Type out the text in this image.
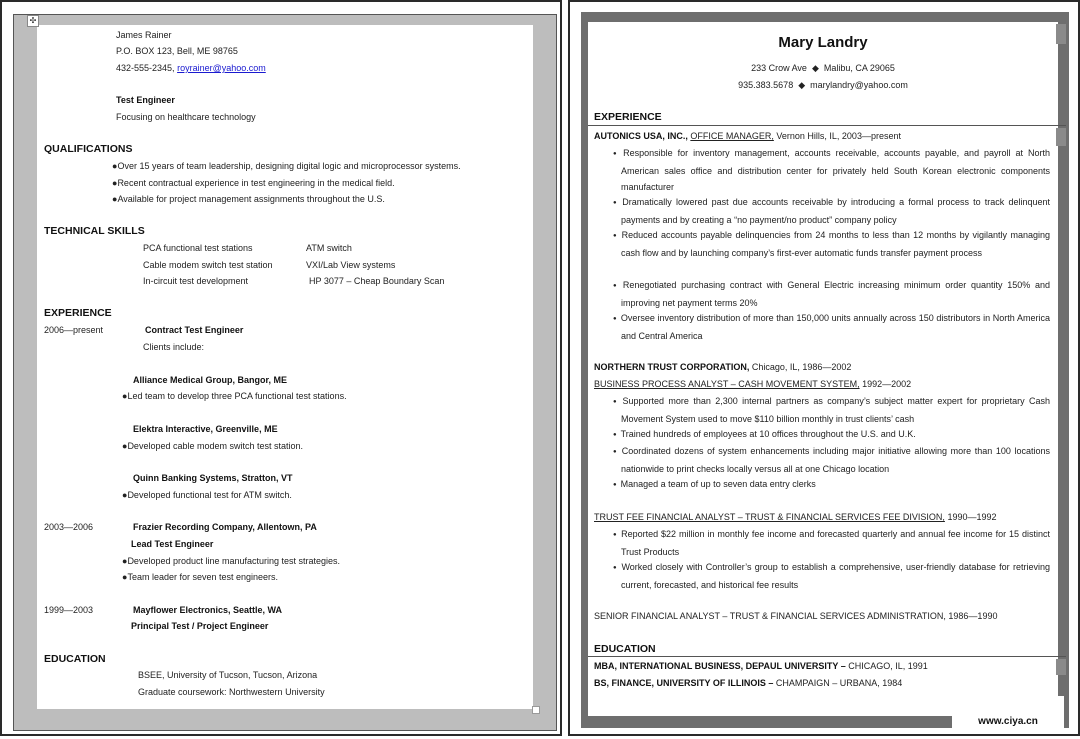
✣
James Rainer
P.O. BOX 123, Bell, ME 98765
432-555-2345, royrainer@yahoo.com
Test Engineer
Focusing on healthcare technology
QUALIFICATIONS
●Over 15 years of team leadership, designing digital logic and microprocessor systems.
●Recent contractual experience in test engineering in the medical field.
●Available for project management assignments throughout the U.S.
TECHNICAL SKILLS
PCA functional test stations	ATM switch
Cable modem switch test station	VXI/Lab View systems
In-circuit test development	HP 3077 – Cheap Boundary Scan
EXPERIENCE
2006—present	Contract Test Engineer
Clients include:
Alliance Medical Group, Bangor, ME
●Led team to develop three PCA functional test stations.
Elektra Interactive, Greenville, ME
●Developed cable modem switch test station.
Quinn Banking Systems, Stratton, VT
●Developed functional test for ATM switch.
2003—2006	Frazier Recording Company, Allentown, PA
Lead Test Engineer
●Developed product line manufacturing test strategies.
●Team leader for seven test engineers.
1999—2003	Mayflower Electronics, Seattle, WA
Principal Test / Project Engineer
EDUCATION
BSEE, University of Tucson, Tucson, Arizona
Graduate coursework: Northwestern University
Mary Landry
233 Crow Ave ◆ Malibu, CA 29065
935.383.5678 ◆ marylandry@yahoo.com
EXPERIENCE
AUTONICS USA, INC., OFFICE MANAGER, Vernon Hills, IL, 2003—present
● Responsible for inventory management, accounts receivable, accounts payable, and payroll at North American sales office and distribution center for privately held South Korean electronic components manufacturer
● Dramatically lowered past due accounts receivable by introducing a formal process to track delinquent payments and by creating a “no payment/no product” company policy
● Reduced accounts payable delinquencies from 24 months to less than 12 months by vigilantly managing cash flow and by launching company’s first-ever automatic funds transfer payment process
● Renegotiated purchasing contract with General Electric increasing minimum order quantity 150% and improving net payment terms 20%
● Oversee inventory distribution of more than 150,000 units annually across 150 distributors in North America and Central America
NORTHERN TRUST CORPORATION, Chicago, IL, 1986—2002
BUSINESS PROCESS ANALYST – CASH MOVEMENT SYSTEM, 1992—2002
● Supported more than 2,300 internal partners as company’s subject matter expert for proprietary Cash Movement System used to move $110 billion monthly in trust clients’ cash
● Trained hundreds of employees at 10 offices throughout the U.S. and U.K.
● Coordinated dozens of system enhancements including major initiative allowing more than 100 locations nationwide to print checks locally versus all at one Chicago location
● Managed a team of up to seven data entry clerks
TRUST FEE FINANCIAL ANALYST – TRUST & FINANCIAL SERVICES FEE DIVISION, 1990—1992
● Reported $22 million in monthly fee income and forecasted quarterly and annual fee income for 15 distinct Trust Products
● Worked closely with Controller’s group to establish a comprehensive, user-friendly database for retrieving current, forecasted, and historical fee results
SENIOR FINANCIAL ANALYST – TRUST & FINANCIAL SERVICES ADMINISTRATION, 1986—1990
EDUCATION
MBA, INTERNATIONAL BUSINESS, DEPAUL UNIVERSITY – CHICAGO, IL, 1991
BS, FINANCE, UNIVERSITY OF ILLINOIS – CHAMPAIGN – URBANA, 1984
www.ciya.cn
